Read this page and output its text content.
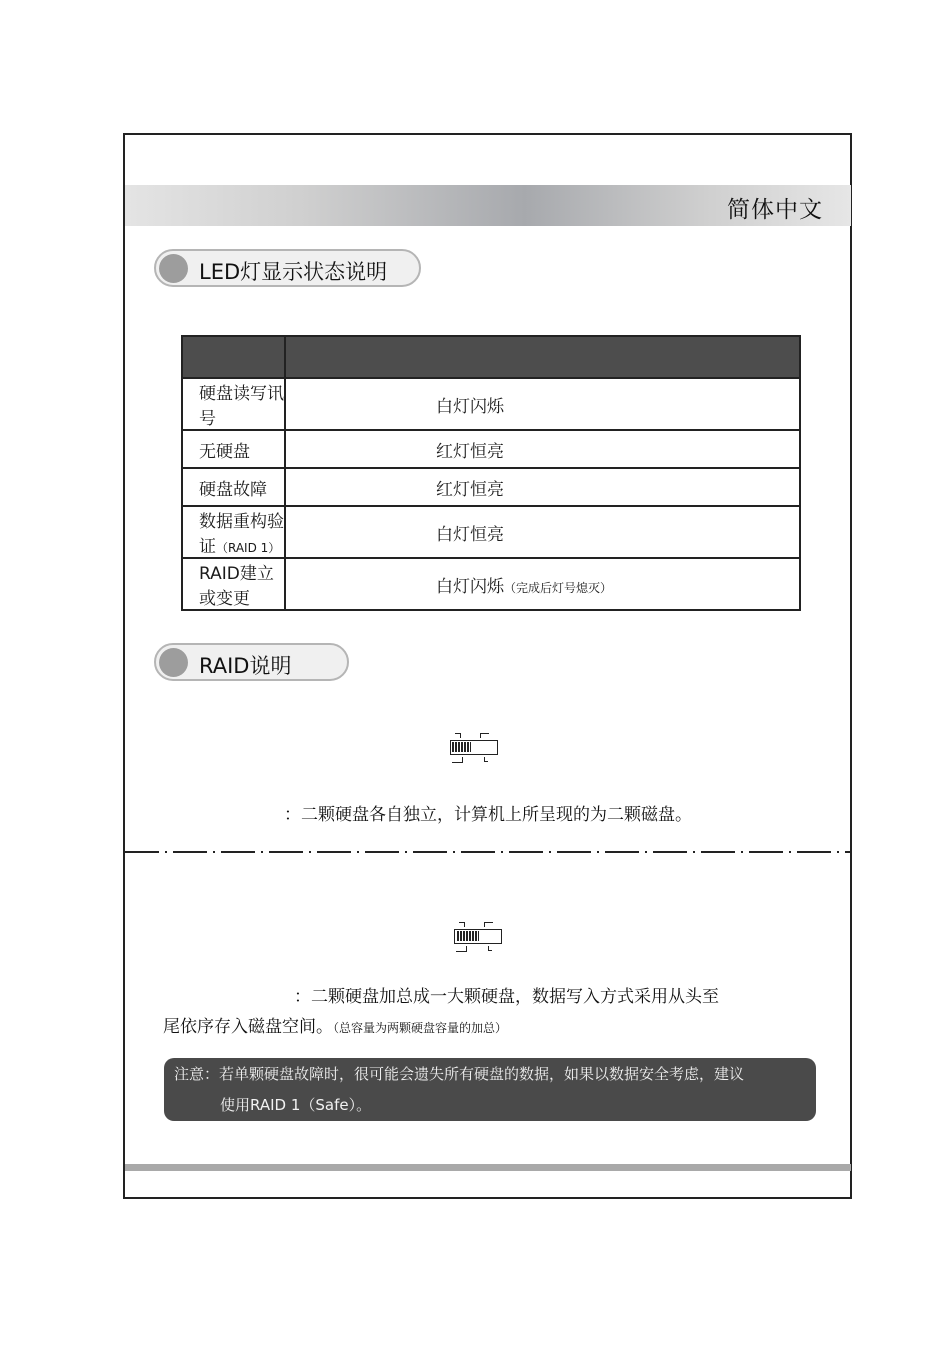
简体中文
LED灯显示状态说明

硬盘读写讯号	白灯闪烁
无硬盘	红灯恒亮
硬盘故障	红灯恒亮
数据重构验证（RAID 1）	白灯恒亮
RAID建立或变更	白灯闪烁（完成后灯号熄灭）
RAID说明
：二颗硬盘各自独立，计算机上所呈现的为二颗磁盘。
：二颗硬盘加总成一大颗硬盘，数据写入方式采用从头至
尾依序存入磁盘空间。（总容量为两颗硬盘容量的加总）
注意：若单颗硬盘故障时，很可能会遗失所有硬盘的数据，如果以数据安全考虑，建议
使用RAID 1（Safe）。
